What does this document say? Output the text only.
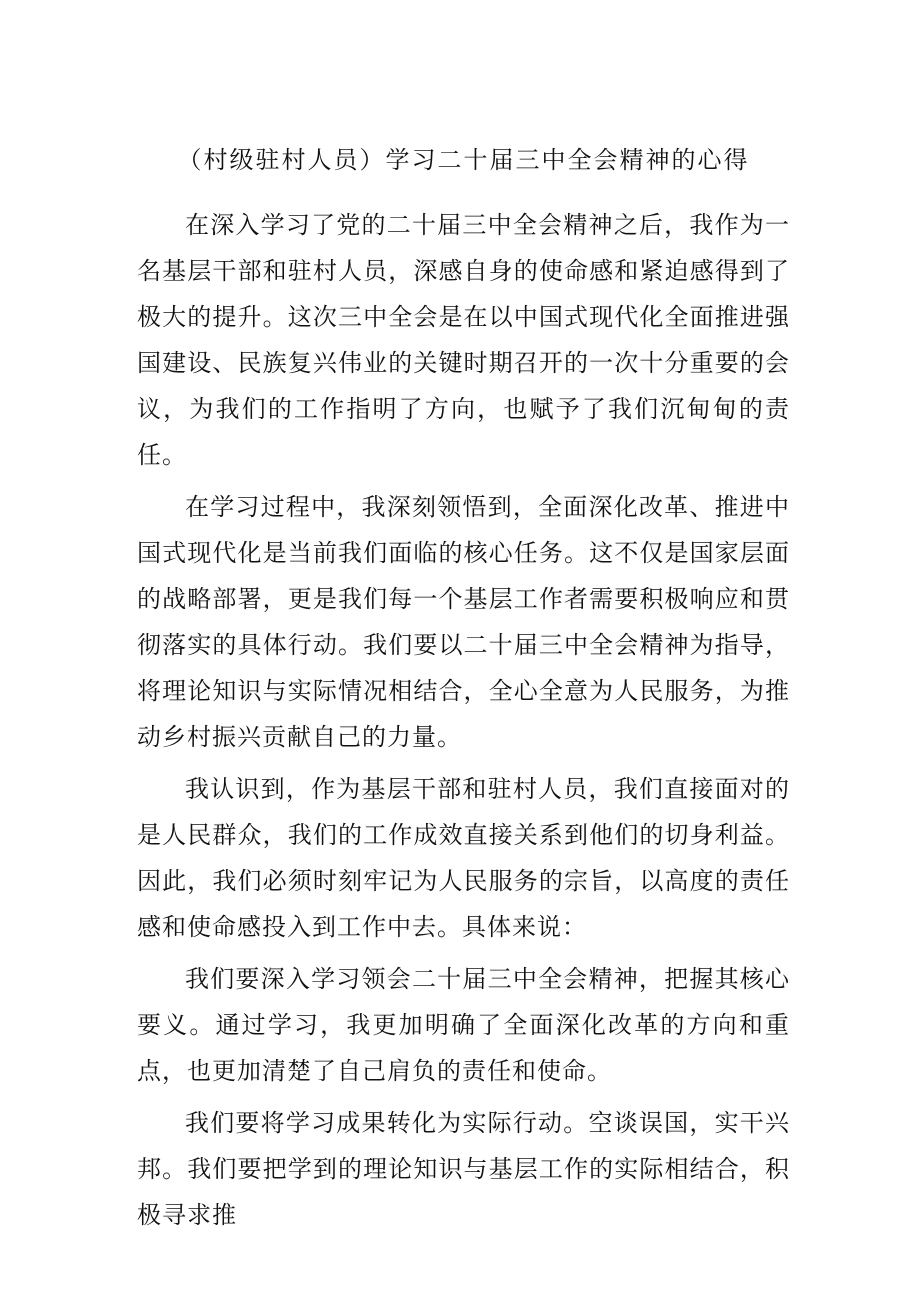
（村级驻村人员）学习二十届三中全会精神的心得

在深入学习了党的二十届三中全会精神之后，我作为一名基层干部和驻村人员，深感自身的使命感和紧迫感得到了极大的提升。这次三中全会是在以中国式现代化全面推进强国建设、民族复兴伟业的关键时期召开的一次十分重要的会议，为我们的工作指明了方向，也赋予了我们沉甸甸的责任。

在学习过程中，我深刻领悟到，全面深化改革、推进中国式现代化是当前我们面临的核心任务。这不仅是国家层面的战略部署，更是我们每一个基层工作者需要积极响应和贯彻落实的具体行动。我们要以二十届三中全会精神为指导，将理论知识与实际情况相结合，全心全意为人民服务，为推动乡村振兴贡献自己的力量。

我认识到，作为基层干部和驻村人员，我们直接面对的是人民群众，我们的工作成效直接关系到他们的切身利益。因此，我们必须时刻牢记为人民服务的宗旨，以高度的责任感和使命感投入到工作中去。具体来说：

我们要深入学习领会二十届三中全会精神，把握其核心要义。通过学习，我更加明确了全面深化改革的方向和重点，也更加清楚了自己肩负的责任和使命。

我们要将学习成果转化为实际行动。空谈误国，实干兴邦。我们要把学到的理论知识与基层工作的实际相结合，积极寻求推
